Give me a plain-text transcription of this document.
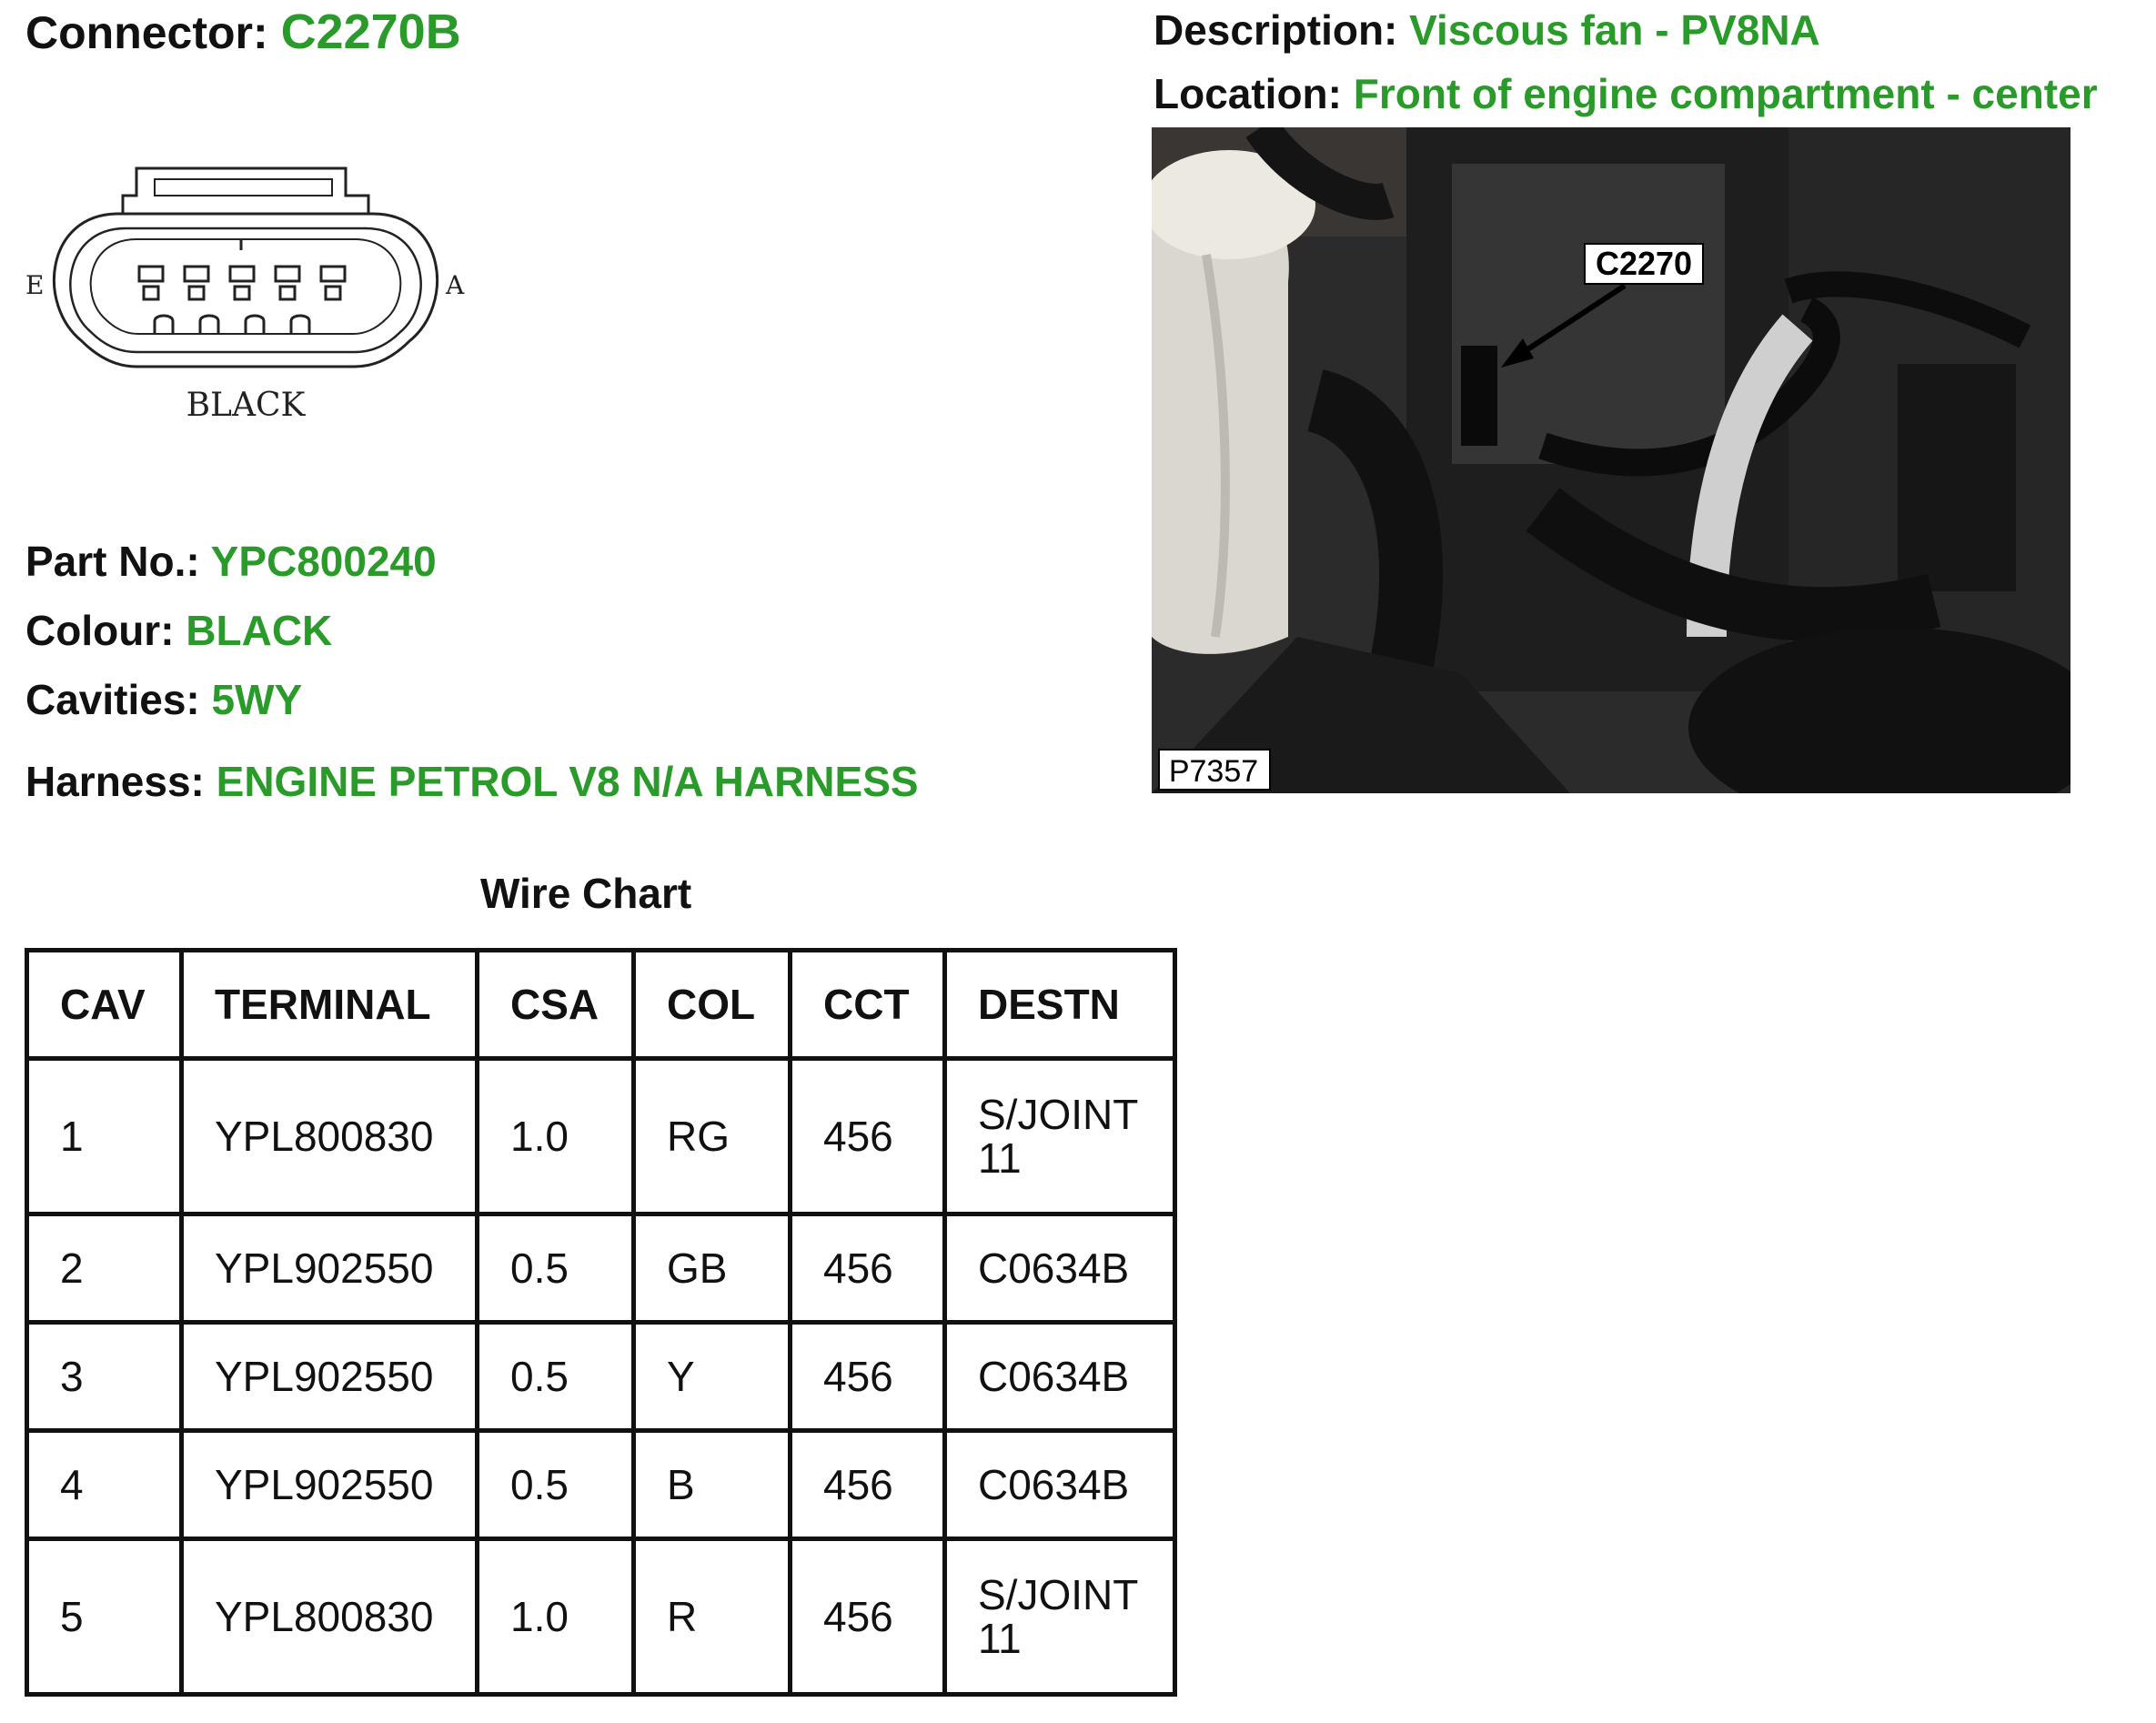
Connector: C2270B	Description: Viscous fan - PV8NA
Location: Front of engine compartment - center
E	A
BLACK
C2270
P7357
Part No.: YPC800240
Colour: BLACK
Cavities: 5WY
Harness: ENGINE PETROL V8 N/A HARNESS
Wire Chart
CAV	TERMINAL	CSA	COL	CCT	DESTN
1	YPL800830	1.0	RG	456	S/JOINT
11
2	YPL902550	0.5	GB	456	C0634B
3	YPL902550	0.5	Y	456	C0634B
4	YPL902550	0.5	B	456	C0634B
5	YPL800830	1.0	R	456	S/JOINT
11
